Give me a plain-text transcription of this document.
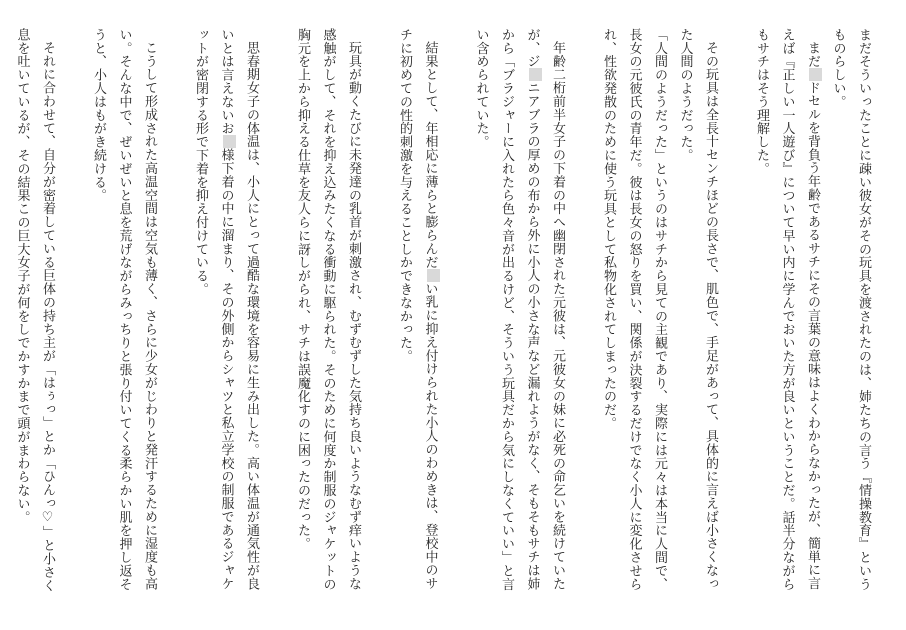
まだそういったことに疎い彼女がその玩具を渡されたのは、姉たちの言う『情操教育』というものらしい。

まだドセルを背負う年齢であるサチにその言葉の意味はよくわからなかったが、簡単に言えば『正しい一人遊び』について早い内に学んでおいた方が良いということだ。話半分ながらもサチはそう理解した。

その玩具は全長十センチほどの長さで、肌色で、手足があって、具体的に言えば小さくなった人間のようだった。

「人間のようだった」というのはサチから見ての主観であり、実際には元々は本当に人間で、長女の元彼氏の青年だ。彼は長女の怒りを買い、関係が決裂するだけでなく小人に変化させられ、性欲発散のために使う玩具として私物化されてしまったのだ。

年齢二桁前半女子の下着の中へ幽閉された元彼は、元彼女の妹に必死の命乞いを続けていたが、ジニアブラの厚めの布から外に小人の小さな声など漏れようがなく、そもそもサチは姉から「ブラジャーに入れたら色々音が出るけど、そういう玩具だから気にしなくていい」と言い含められていた。

結果として、年相応に薄らと膨らんだい乳に抑え付けられた小人のわめきは、登校中のサチに初めての性的刺激を与えることしかできなかった。

玩具が動くたびに未発達の乳首が刺激され、むずむずした気持ち良いようなむず痒いような感触がして、それを抑え込みたくなる衝動に駆られた。そのために何度か制服のジャケットの胸元を上から抑える仕草を友人らに訝しがられ、サチは誤魔化すのに困ったのだった。

思春期女子の体温は、小人にとって過酷な環境を容易に生み出した。高い体温が通気性が良いとは言えないお様下着の中に溜まり、その外側からシャツと私立学校の制服であるジャケットが密閉する形で下着を抑え付けている。

こうして形成された高温空間は空気も薄く、さらに少女がじわりと発汗するために湿度も高い。そんな中で、ぜいぜいと息を荒げながらみっちりと張り付いてくる柔らかい肌を押し返そうと、小人はもがき続ける。

それに合わせて、自分が密着している巨体の持ち主が「はぅっ」とか「ひんっ♡」と小さく息を吐いているが、その結果この巨大女子が何をしでかすかまで頭がまわらない。
